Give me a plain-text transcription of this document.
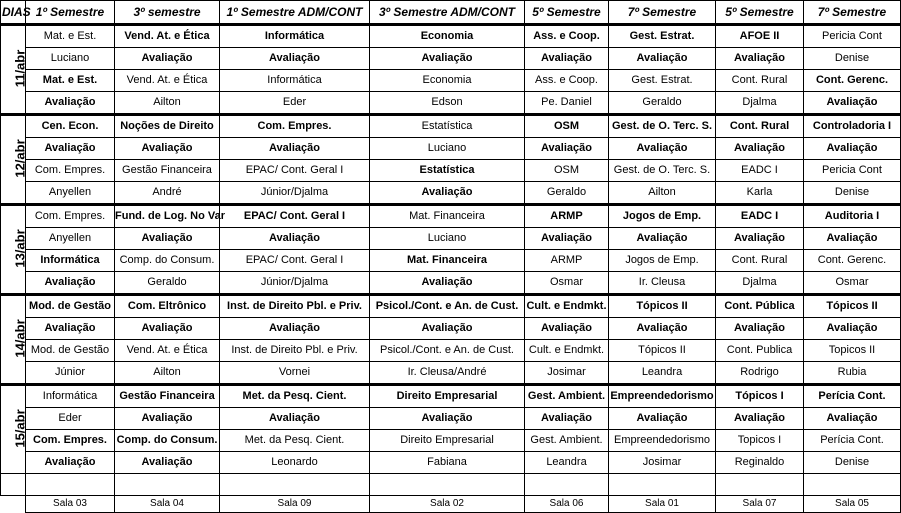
DIAS	1º Semestre	3º semestre	1º Semestre ADM/CONT	3º Semestre ADM/CONT	5º Semestre	7º Semestre	5º Semestre	7º Semestre
11/abr	Mat. e Est.	Vend. At. e Ética	Informática	Economia	Ass. e Coop.	Gest. Estrat.	AFOE II	Pericia Cont
	Luciano	Avaliação	Avaliação	Avaliação	Avaliação	Avaliação	Avaliação	Denise
	Mat. e Est.	Vend. At. e Ética	Informática	Economia	Ass. e Coop.	Gest. Estrat.	Cont. Rural	Cont. Gerenc.
	Avaliação	Ailton	Eder	Edson	Pe. Daniel	Geraldo	Djalma	Avaliação
12/abr	Cen. Econ.	Noções de Direito	Com. Empres.	Estatística	OSM	Gest. de O. Terc. S.	Cont. Rural	Controladoria I
	Avaliação	Avaliação	Avaliação	Luciano	Avaliação	Avaliação	Avaliação	Avaliação
	Com. Empres.	Gestão Financeira	EPAC/ Cont. Geral I	Estatística	OSM	Gest. de O. Terc. S.	EADC I	Pericia Cont
	Anyellen	André	Júnior/Djalma	Avaliação	Geraldo	Ailton	Karla	Denise
13/abr	Com. Empres.	Fund. de Log. No Var	EPAC/ Cont. Geral I	Mat. Financeira	ARMP	Jogos de Emp.	EADC I	Auditoria I
	Anyellen	Avaliação	Avaliação	Luciano	Avaliação	Avaliação	Avaliação	Avaliação
	Informática	Comp. do Consum.	EPAC/ Cont. Geral I	Mat. Financeira	ARMP	Jogos de Emp.	Cont. Rural	Cont. Gerenc.
	Avaliação	Geraldo	Júnior/Djalma	Avaliação	Osmar	Ir. Cleusa	Djalma	Osmar
14/abr	Mod. de Gestão	Com. Eltrônico	Inst. de Direito Pbl. e Priv.	Psicol./Cont. e An. de Cust.	Cult. e Endmkt.	Tópicos II	Cont. Pública	Tópicos II
	Avaliação	Avaliação	Avaliação	Avaliação	Avaliação	Avaliação	Avaliação	Avaliação
	Mod. de Gestão	Vend. At. e Ética	Inst. de Direito Pbl. e Priv.	Psicol./Cont. e An. de Cust.	Cult. e Endmkt.	Tópicos II	Cont. Publica	Topicos II
	Júnior	Ailton	Vornei	Ir. Cleusa/André	Josimar	Leandra	Rodrigo	Rubia
15/abr	Informática	Gestão Financeira	Met. da Pesq. Cient.	Direito Empresarial	Gest. Ambient.	Empreendedorismo	Tópicos I	Perícia Cont.
	Eder	Avaliação	Avaliação	Avaliação	Avaliação	Avaliação	Avaliação	Avaliação
	Com. Empres.	Comp. do Consum.	Met. da Pesq. Cient.	Direito Empresarial	Gest. Ambient.	Empreendedorismo	Topicos I	Perícia Cont.
	Avaliação	Avaliação	Leonardo	Fabiana	Leandra	Josimar	Reginaldo	Denise

	Sala 03	Sala 04	Sala 09	Sala 02	Sala 06	Sala 01	Sala 07	Sala 05
